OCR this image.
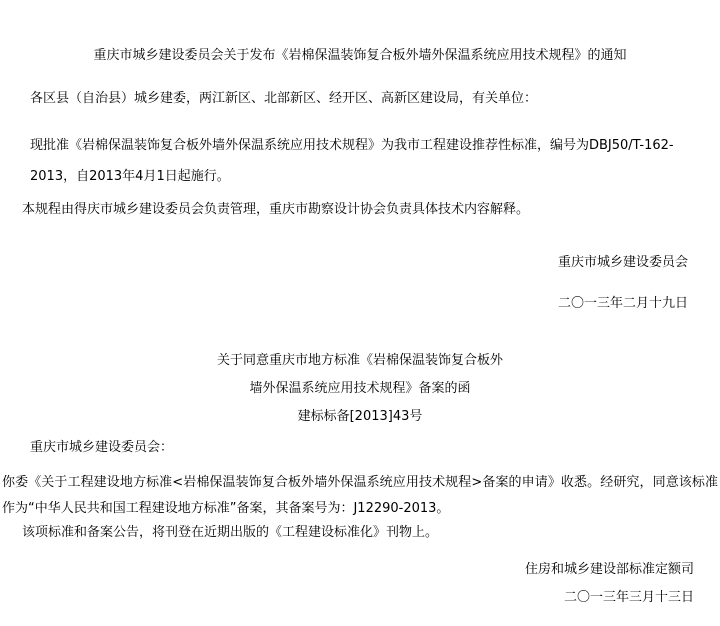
重庆市城乡建设委员会关于发布《岩棉保温装饰复合板外墙外保温系统应用技术规程》的通知
各区县（自治县）城乡建委，两江新区、北部新区、经开区、高新区建设局，有关单位：
现批准《岩棉保温装饰复合板外墙外保温系统应用技术规程》为我市工程建设推荐性标准，编号为DBJ50/T-162-2013，自2013年4月1日起施行。
本规程由得庆市城乡建设委员会负责管理，重庆市勘察设计协会负责具体技术内容解释。
重庆市城乡建设委员会
二〇一三年二月十九日
关于同意重庆市地方标准《岩棉保温装饰复合板外
墙外保温系统应用技术规程》备案的函
建标标备[2013]43号
重庆市城乡建设委员会：
你委《关于工程建设地方标准<岩棉保温装饰复合板外墙外保温系统应用技术规程>备案的申请》收悉。经研究，同意该标准作为“中华人民共和国工程建设地方标准”备案，其备案号为：J12290-2013。
该项标准和备案公告，将刊登在近期出版的《工程建设标准化》刊物上。
住房和城乡建设部标准定额司
二〇一三年三月十三日
